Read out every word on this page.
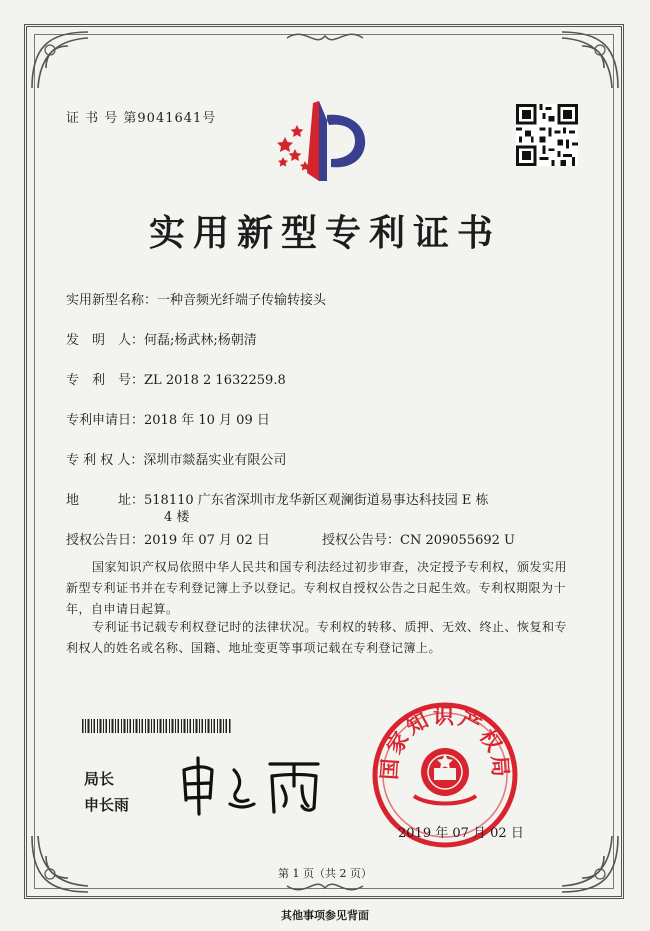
证 书 号 第9041641号
实用新型专利证书
实用新型名称：一种音频光纤端子传输转接头
发　明　人：何磊;杨武林;杨朝清
专　利　号：ZL 2018 2 1632259.8
专利申请日：2018 年 10 月 09 日
专 利 权 人：深圳市燚磊实业有限公司
地　　　址：518110 广东省深圳市龙华新区观澜街道易事达科技园 E 栋
4 楼
授权公告日：2019 年 07 月 02 日	授权公告号：CN 209055692 U
国家知识产权局依照中华人民共和国专利法经过初步审查，决定授予专利权，颁发实用
新型专利证书并在专利登记簿上予以登记。专利权自授权公告之日起生效。专利权期限为十
年，自申请日起算。
专利证书记载专利权登记时的法律状况。专利权的转移、质押、无效、终止、恢复和专
利权人的姓名或名称、国籍、地址变更等事项记载在专利登记簿上。
局长
申长雨
国家知识产权局
2019 年 07 月 02 日
第 1 页（共 2 页）
其他事项参见背面
